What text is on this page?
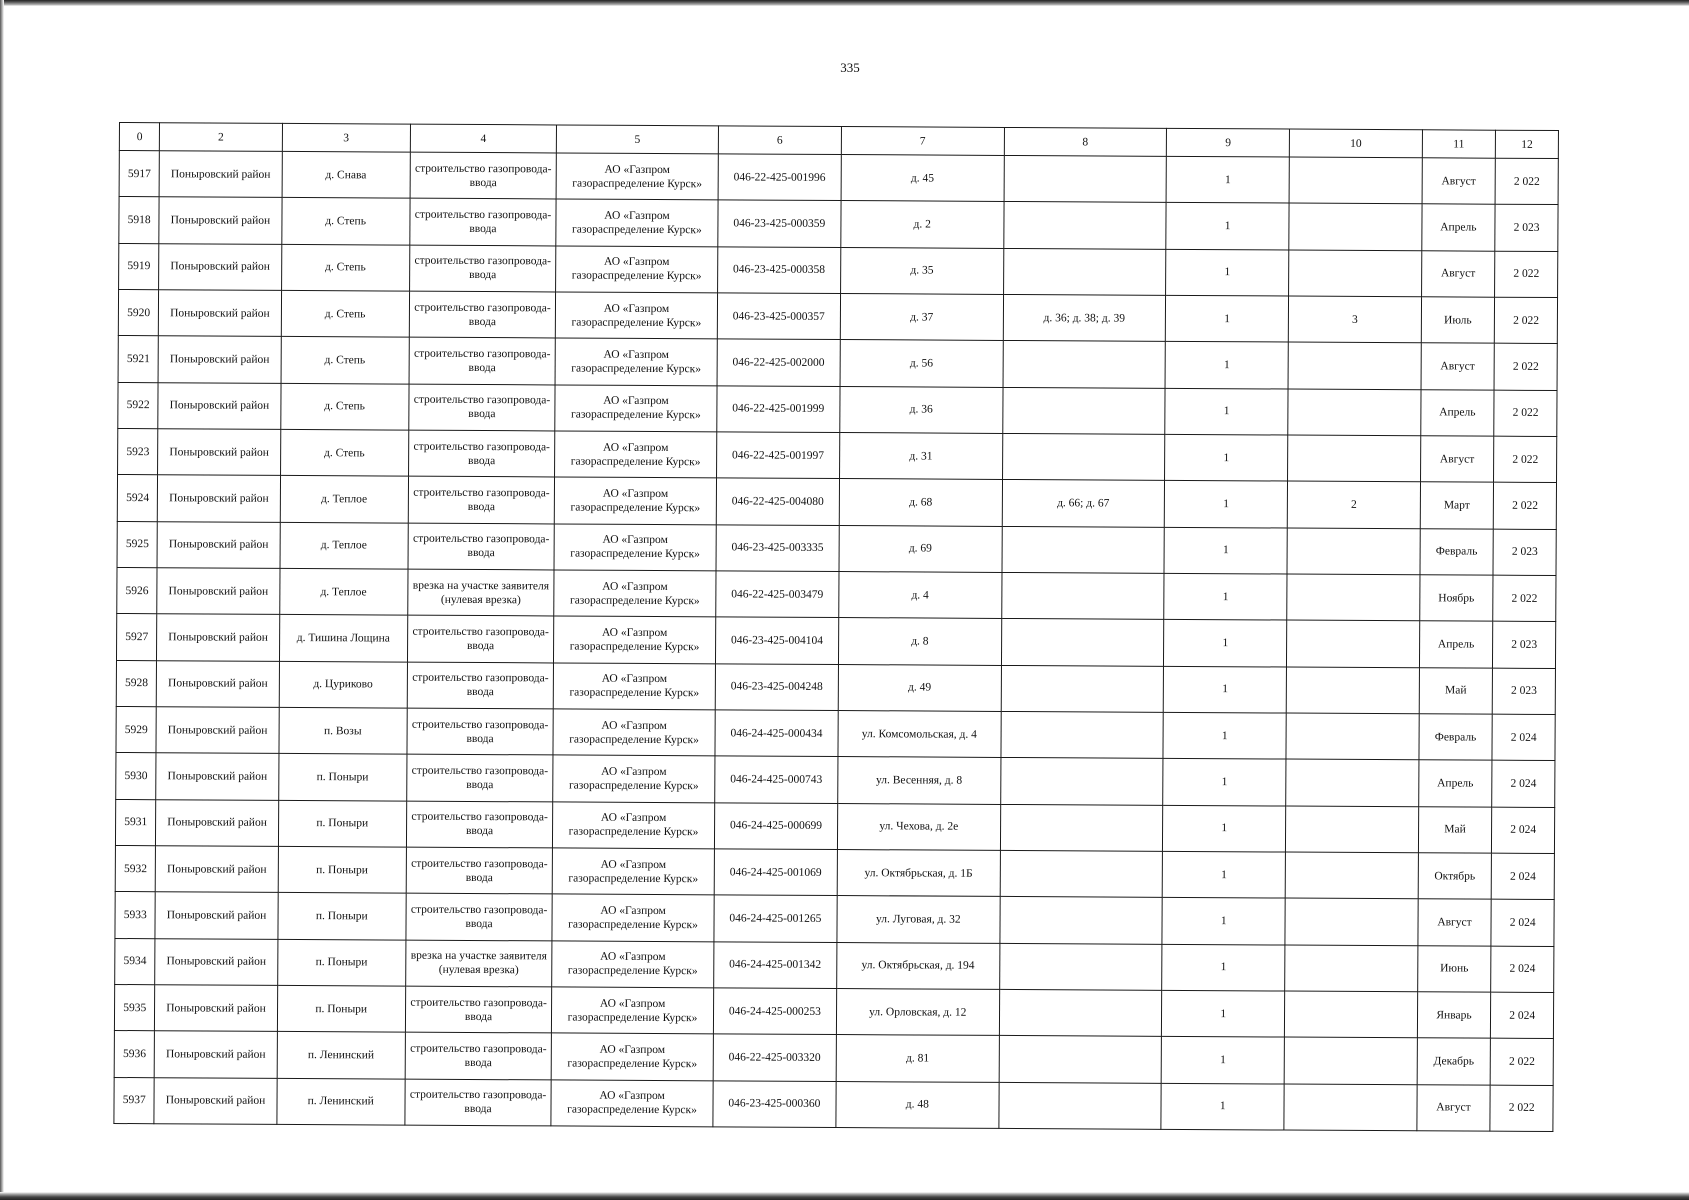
335
0	2	3	4	5	6	7	8	9	10	11	12
5917	Поныровский район	д. Снава	строительство газопровода-ввода	АО «Газпром газораспределение Курск»	046-22-425-001996	д. 45		1		Август	2 022
5918	Поныровский район	д. Степь	строительство газопровода-ввода	АО «Газпром газораспределение Курск»	046-23-425-000359	д. 2		1		Апрель	2 023
5919	Поныровский район	д. Степь	строительство газопровода-ввода	АО «Газпром газораспределение Курск»	046-23-425-000358	д. 35		1		Август	2 022
5920	Поныровский район	д. Степь	строительство газопровода-ввода	АО «Газпром газораспределение Курск»	046-23-425-000357	д. 37	д. 36; д. 38; д. 39	1	3	Июль	2 022
5921	Поныровский район	д. Степь	строительство газопровода-ввода	АО «Газпром газораспределение Курск»	046-22-425-002000	д. 56		1		Август	2 022
5922	Поныровский район	д. Степь	строительство газопровода-ввода	АО «Газпром газораспределение Курск»	046-22-425-001999	д. 36		1		Апрель	2 022
5923	Поныровский район	д. Степь	строительство газопровода-ввода	АО «Газпром газораспределение Курск»	046-22-425-001997	д. 31		1		Август	2 022
5924	Поныровский район	д. Теплое	строительство газопровода-ввода	АО «Газпром газораспределение Курск»	046-22-425-004080	д. 68	д. 66; д. 67	1	2	Март	2 022
5925	Поныровский район	д. Теплое	строительство газопровода-ввода	АО «Газпром газораспределение Курск»	046-23-425-003335	д. 69		1		Февраль	2 023
5926	Поныровский район	д. Теплое	врезка на участке заявителя (нулевая врезка)	АО «Газпром газораспределение Курск»	046-22-425-003479	д. 4		1		Ноябрь	2 022
5927	Поныровский район	д. Тишина Лощина	строительство газопровода-ввода	АО «Газпром газораспределение Курск»	046-23-425-004104	д. 8		1		Апрель	2 023
5928	Поныровский район	д. Цуриково	строительство газопровода-ввода	АО «Газпром газораспределение Курск»	046-23-425-004248	д. 49		1		Май	2 023
5929	Поныровский район	п. Возы	строительство газопровода-ввода	АО «Газпром газораспределение Курск»	046-24-425-000434	ул. Комсомольская, д. 4		1		Февраль	2 024
5930	Поныровский район	п. Поныри	строительство газопровода-ввода	АО «Газпром газораспределение Курск»	046-24-425-000743	ул. Весенняя, д. 8		1		Апрель	2 024
5931	Поныровский район	п. Поныри	строительство газопровода-ввода	АО «Газпром газораспределение Курск»	046-24-425-000699	ул. Чехова, д. 2е		1		Май	2 024
5932	Поныровский район	п. Поныри	строительство газопровода-ввода	АО «Газпром газораспределение Курск»	046-24-425-001069	ул. Октябрьская, д. 1Б		1		Октябрь	2 024
5933	Поныровский район	п. Поныри	строительство газопровода-ввода	АО «Газпром газораспределение Курск»	046-24-425-001265	ул. Луговая, д. 32		1		Август	2 024
5934	Поныровский район	п. Поныри	врезка на участке заявителя (нулевая врезка)	АО «Газпром газораспределение Курск»	046-24-425-001342	ул. Октябрьская, д. 194		1		Июнь	2 024
5935	Поныровский район	п. Поныри	строительство газопровода-ввода	АО «Газпром газораспределение Курск»	046-24-425-000253	ул. Орловская, д. 12		1		Январь	2 024
5936	Поныровский район	п. Ленинский	строительство газопровода-ввода	АО «Газпром газораспределение Курск»	046-22-425-003320	д. 81		1		Декабрь	2 022
5937	Поныровский район	п. Ленинский	строительство газопровода-ввода	АО «Газпром газораспределение Курск»	046-23-425-000360	д. 48		1		Август	2 022
